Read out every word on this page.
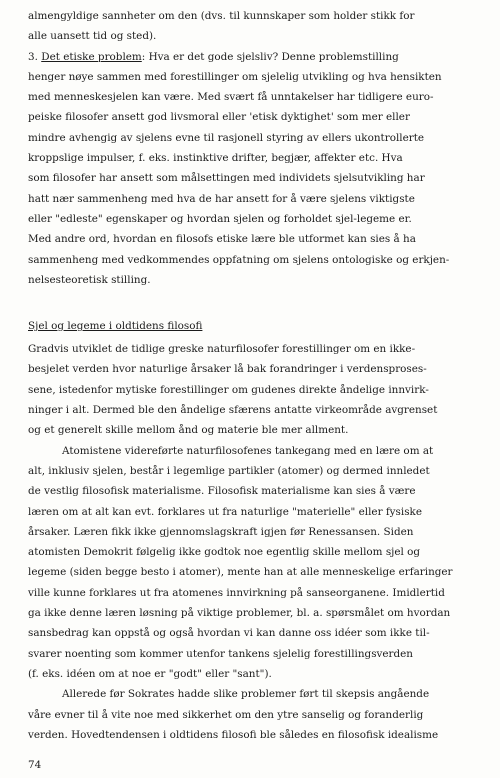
almengyldige sannheter om den (dvs. til kunnskaper som holder stikk for
alle uansett tid og sted).

3. Det etiske problem: Hva er det gode sjelsliv? Denne problemstilling
henger nøye sammen med forestillinger om sjelelig utvikling og hva hensikten
med menneskesjelen kan være. Med svært få unntakelser har tidligere euro-
peiske filosofer ansett god livsmoral eller 'etisk dyktighet' som mer eller
mindre avhengig av sjelens evne til rasjonell styring av ellers ukontrollerte
kroppslige impulser, f. eks. instinktive drifter, begjær, affekter etc. Hva
som filosofer har ansett som målsettingen med individets sjelsutvikling har
hatt nær sammenheng med hva de har ansett for å være sjelens viktigste
eller "edleste" egenskaper og hvordan sjelen og forholdet sjel-legeme er.
Med andre ord, hvordan en filosofs etiske lære ble utformet kan sies å ha
sammenheng med vedkommendes oppfatning om sjelens ontologiske og erkjen-
nelsesteoretisk stilling.

Sjel og legeme i oldtidens filosofi

Gradvis utviklet de tidlige greske naturfilosofer forestillinger om en ikke-
besjelet verden hvor naturlige årsaker lå bak forandringer i verdensproses-
sene, istedenfor mytiske forestillinger om gudenes direkte åndelige innvirk-
ninger i alt. Dermed ble den åndelige sfærens antatte virkeområde avgrenset
og et generelt skille mellom ånd og materie ble mer allment.

Atomistene videreførte naturfilosofenes tankegang med en lære om at
alt, inklusiv sjelen, består i legemlige partikler (atomer) og dermed innledet
de vestlig filosofisk materialisme. Filosofisk materialisme kan sies å være
læren om at alt kan evt. forklares ut fra naturlige "materielle" eller fysiske
årsaker. Læren fikk ikke gjennomslagskraft igjen før Renessansen. Siden
atomisten Demokrit følgelig ikke godtok noe egentlig skille mellom sjel og
legeme (siden begge besto i atomer), mente han at alle menneskelige erfaringer
ville kunne forklares ut fra atomenes innvirkning på sanseorganene. Imidlertid
ga ikke denne læren løsning på viktige problemer, bl. a. spørsmålet om hvordan
sansbedrag kan oppstå og også hvordan vi kan danne oss idéer som ikke til-
svarer noenting som kommer utenfor tankens sjelelig forestillingsverden
(f. eks. idéen om at noe er "godt" eller "sant").

Allerede før Sokrates hadde slike problemer ført til skepsis angående
våre evner til å vite noe med sikkerhet om den ytre sanselig og foranderlig
verden. Hovedtendensen i oldtidens filosofi ble således en filosofisk idealisme

74
